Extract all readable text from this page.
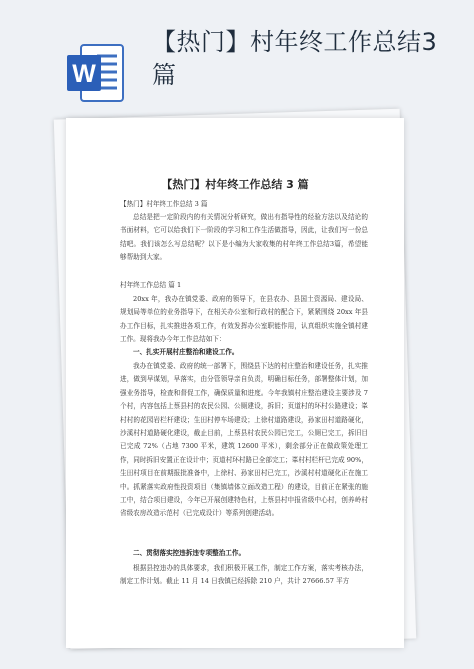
W
【热门】村年终工作总结3篇
【热门】村年终工作总结 3 篇

【热门】村年终工作总结 3 篇

总结是把一定阶段内的有关情况分析研究，做出有指导性的经验方法以及结论的书面材料，它可以给我们下一阶段的学习和工作生活做指导，因此，让我们写一份总结吧。我们该怎么写总结呢？以下是小编为大家收集的村年终工作总结3篇，希望能够帮助到大家。

村年终工作总结 篇 1

20xx 年，我办在镇党委、政府的领导下，在县农办、县国土资源局、建设局、规划局等单位的业务指导下，在相关办公室和行政村的配合下，紧紧围绕 20xx 年县办工作目标，扎实推进各项工作，有效发挥办公室职能作用，认真组织实施全镇村建工作。现将我办今年工作总结如下：

一、扎实开展村庄整治和建设工作。

我办在镇党委、政府的统一部署下，围绕县下达的村庄整治和建设任务，扎实推进，做到早谋划，早落实，由分管领导亲自负责，明确目标任务，部署整体计划，加强业务指导，检查和督促工作，确保质量和进度。今年我镇村庄整治建设主要涉及 7 个村，内容包括上蔡县村的农民公园、公厕建设，拆旧；页道村的环村公路建设；峯村村的花园岩栏杆建设；生田村停车场建设；上徐村道路建设，孙家田村道路硬化，沙溪村村道路硬化建设，截止目前，上蔡县村农民公园已完工，公厕已完工，拆旧目已完成 72%（占地 7300 平米，建筑 12600 平米），剩余部分正在做政策处理工作，同时拆旧安置正在设计中；页道村环村路已全部完工；峯村村栏杆已完成 90%，生田村项目在前期报批准备中，上徐村、孙家田村已完工，沙溪村村道硬化正在施工中。抓紧落实政府性投资项目（集镇墙体立面改造工程）的建设，目前正在紧张的施工中，结合项目建设，今年已开展创建特色村，上蔡县村申报省级中心村，创养岭村省级农房改造示范村（已完成设计）等系列创建活动。

二、贯彻落实控违拆违专项整治工作。

根据县控违办的具体要求，我们积极开展工作，制定工作方案，落实考核办法，制定工作计划。截止 11 月 14 日我镇已经拆除 210 户，共计 27666.57 平方
